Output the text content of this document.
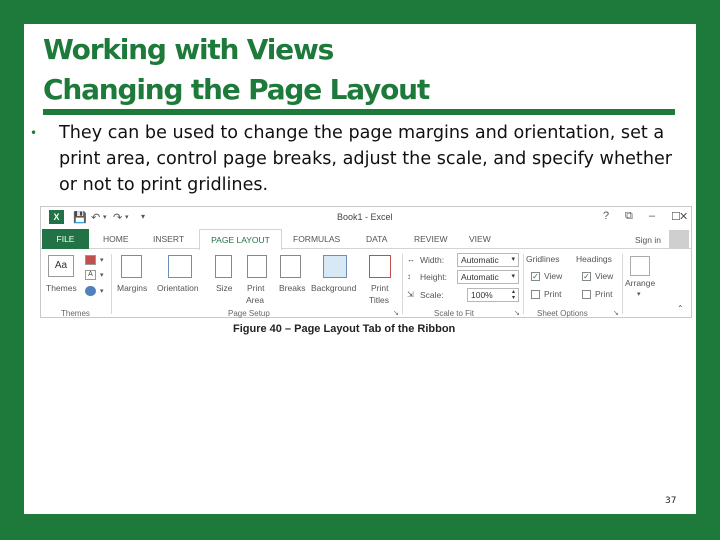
Working with Views
Changing the Page Layout
• They can be used to change the page margins and orientation, set a print area, control page breaks, adjust the scale, and specify whether or not to print gridlines.
X	💾 ↶ ▾ ↷ ▾ ▾	Book1 - Excel	? ⧉ – ☐
✕
FILE	HOME	INSERT	PAGE LAYOUT	FORMULAS	DATA	REVIEW	VIEW	Sign in
Aa
Themes
A
▾
▾
▾
Themes
Margins Orientation Size Print
Area
Breaks Background Print
Titles
Page Setup	↘
↔ Width:	Automatic ▾
↕ Height:	Automatic ▾
⇲ Scale:	100%	▴
▾
Scale to Fit	↘
Gridlines Headings
✓ View	✓ View
Print	Print
Sheet Options	↘
Arrange
▾
⌃
Figure 40 – Page Layout Tab of the Ribbon
37
